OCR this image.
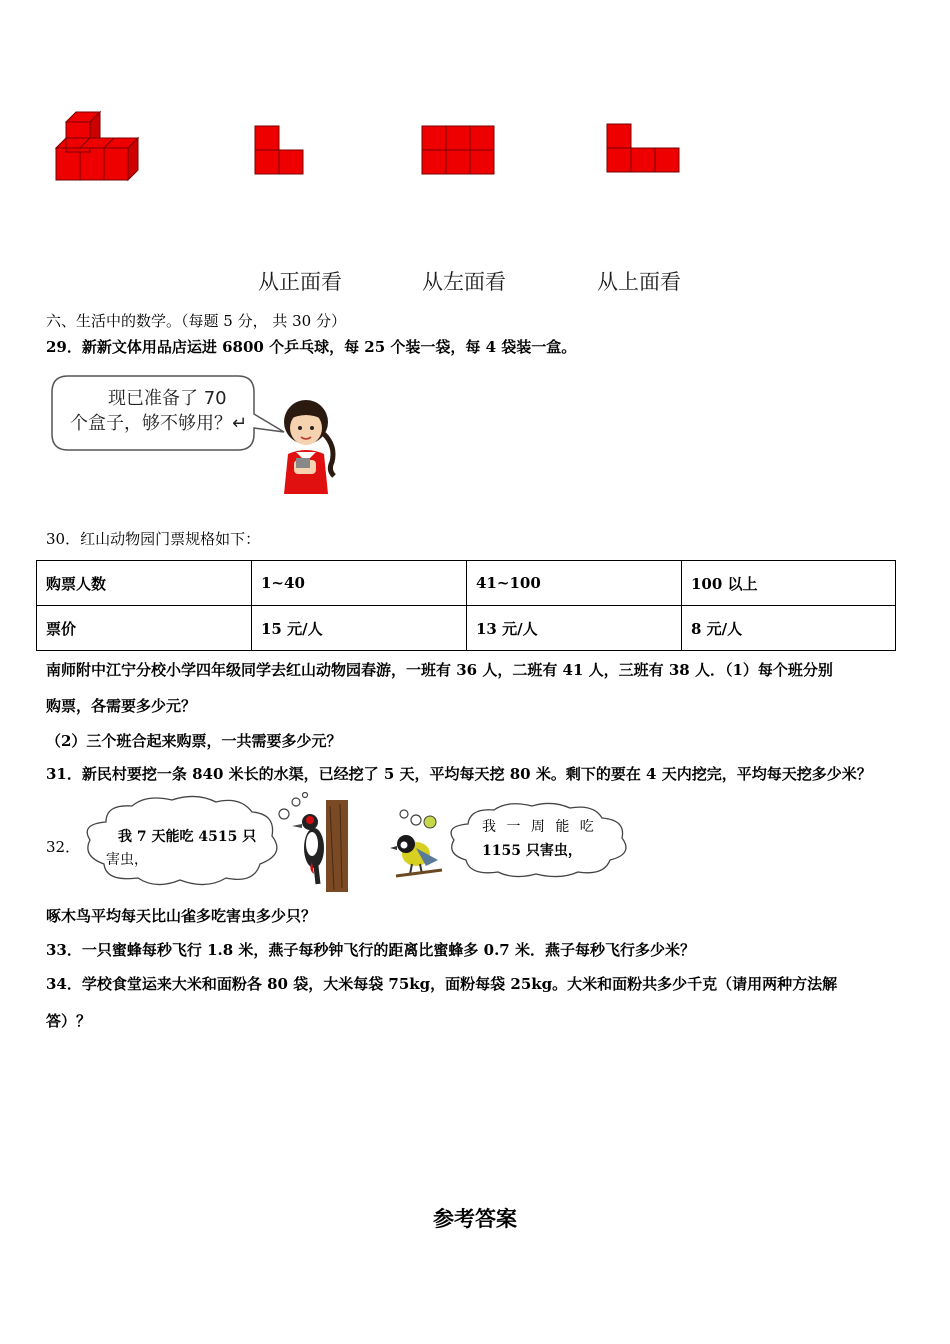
从正面看	从左面看	从上面看
六、生活中的数学。（每题 5 分， 共 30 分）
29．新新文体用品店运进 6800 个乒乓球，每 25 个装一袋，每 4 袋装一盒。
现已准备了 70
个盒子，够不够用？↵
30．红山动物园门票规格如下：
购票人数	1~40	41~100	100 以上
票价	15 元/人	13 元/人	8 元/人
南师附中江宁分校小学四年级同学去红山动物园春游，一班有 36 人，二班有 41 人，三班有 38 人．（1）每个班分别
购票，各需要多少元？
（2）三个班合起来购票，一共需要多少元？
31．新民村要挖一条 840 米长的水渠，已经挖了 5 天，平均每天挖 80 米。剩下的要在 4 天内挖完，平均每天挖多少米？
32．
我 7 天能吃 4515 只
害虫，
我 一 周 能 吃
1155 只害虫，
啄木鸟平均每天比山雀多吃害虫多少只？
33．一只蜜蜂每秒飞行 1.8 米，燕子每秒钟飞行的距离比蜜蜂多 0.7 米．燕子每秒飞行多少米？
34．学校食堂运来大米和面粉各 80 袋，大米每袋 75kg，面粉每袋 25kg。大米和面粉共多少千克（请用两种方法解
答）？
参考答案
